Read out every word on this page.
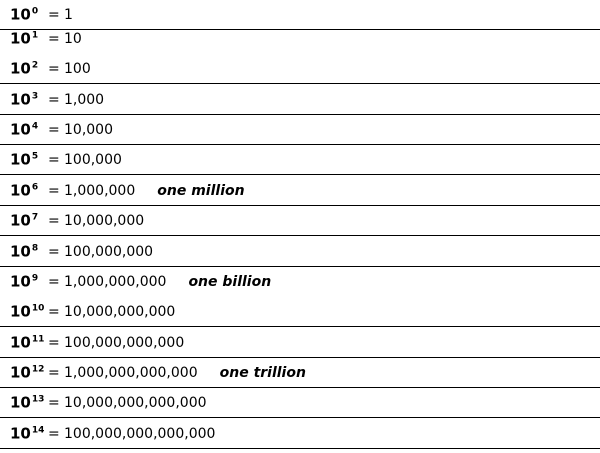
$10^0 = 1$
$10^1 = 10$
$10^2 = 100$
$10^3 = 1,000$
$10^4 = 10,000$
$10^5 = 100,000$
$10^6 = 1,000,000$ one million
$10^7 = 10,000,000$
$10^8 = 100,000,000$
$10^9 = 1,000,000,000$ one billion
$10^{10} = 10,000,000,000$
$10^{11} = 100,000,000,000$
$10^{12} = 1,000,000,000,000$ one trillion
$10^{13} = 10,000,000,000,000$
$10^{14} = 100,000,000,000,000$
